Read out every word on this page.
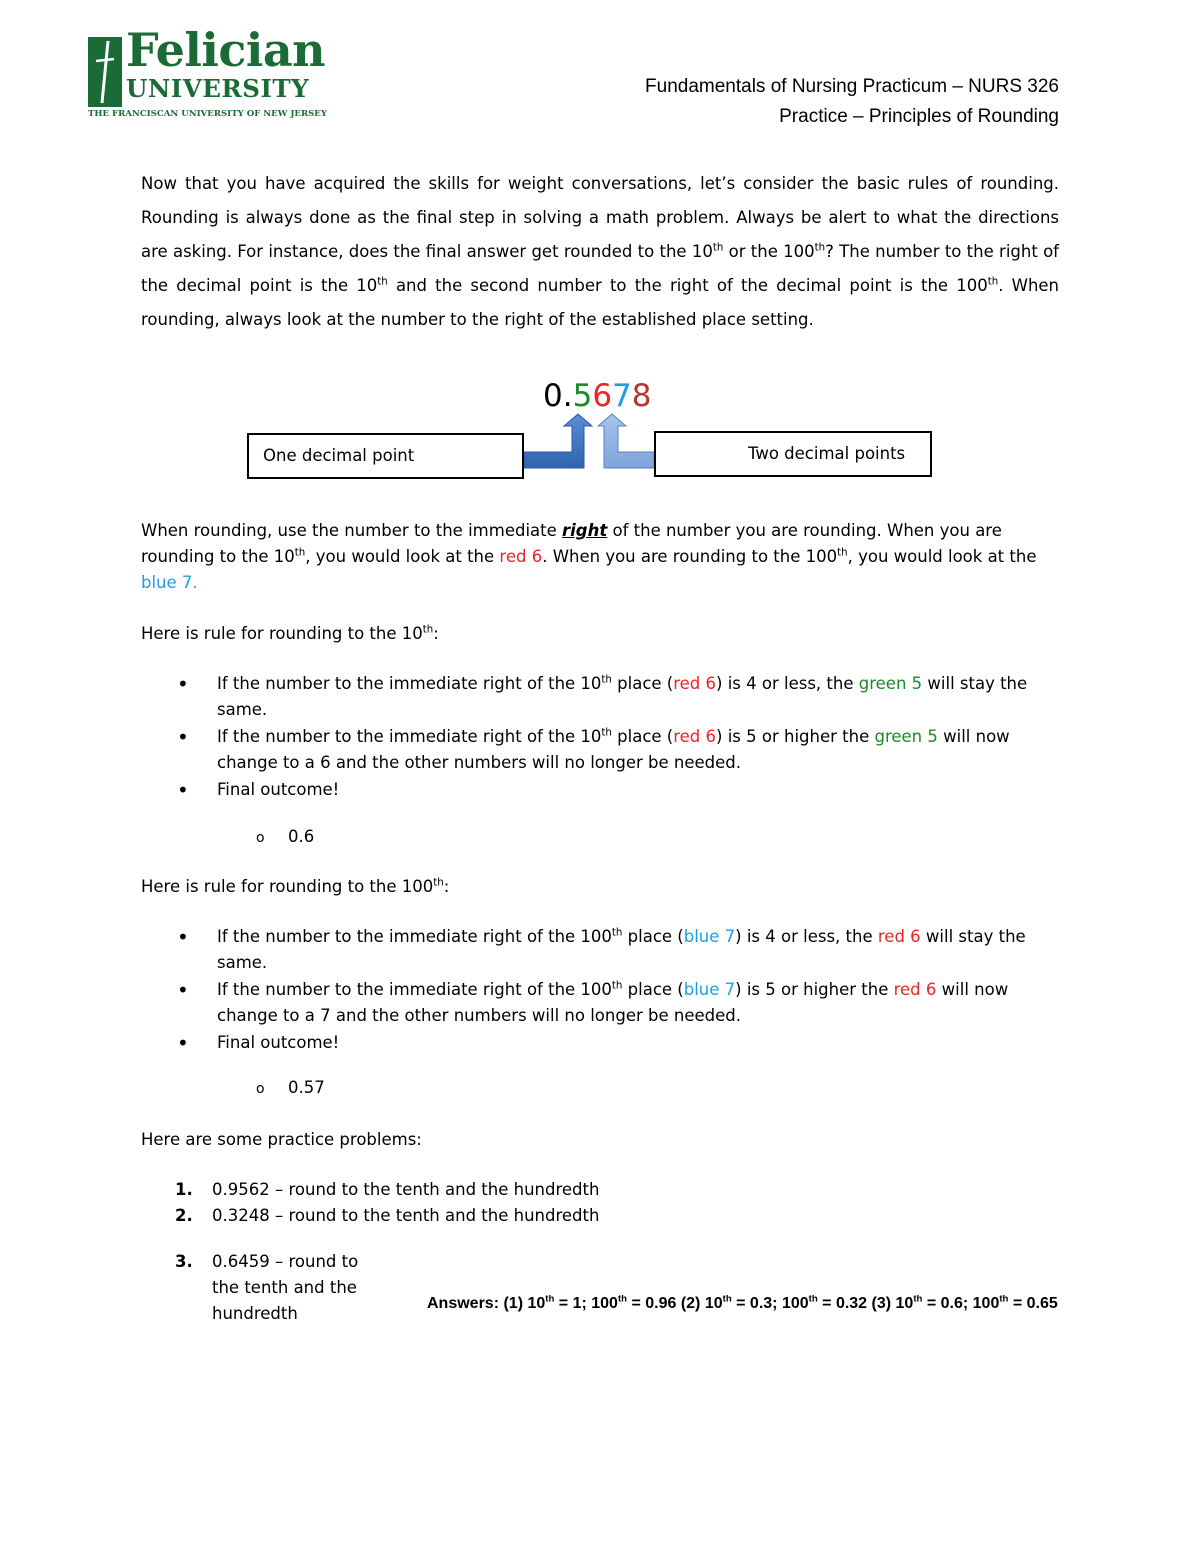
Felician
UNIVERSITY
THE FRANCISCAN UNIVERSITY OF NEW JERSEY
Fundamentals of Nursing Practicum – NURS 326
Practice – Principles of Rounding
Now that you have acquired the skills for weight conversations, let’s consider the basic rules of rounding. Rounding is always done as the final step in solving a math problem. Always be alert to what the directions are asking. For instance, does the final answer get rounded to the 10th or the 100th? The number to the right of the decimal point is the 10th and the second number to the right of the decimal point is the 100th. When rounding, always look at the number to the right of the established place setting.
0.5678
One decimal point	Two decimal points
When rounding, use the number to the immediate right of the number you are rounding. When you are rounding to the 10th, you would look at the red 6. When you are rounding to the 100th, you would look at the blue 7.
Here is rule for rounding to the 10th:
• If the number to the immediate right of the 10th place (red 6) is 4 or less, the green 5 will stay the same.
• If the number to the immediate right of the 10th place (red 6) is 5 or higher the green 5 will now change to a 6 and the other numbers will no longer be needed.
• Final outcome!
o 0.6
Here is rule for rounding to the 100th:
• If the number to the immediate right of the 100th place (blue 7) is 4 or less, the red 6 will stay the same.
• If the number to the immediate right of the 100th place (blue 7) is 5 or higher the red 6 will now change to a 7 and the other numbers will no longer be needed.
• Final outcome!
o 0.57
Here are some practice problems:
1. 0.9562 – round to the tenth and the hundredth
2. 0.3248 – round to the tenth and the hundredth
3. 0.6459 – round to the tenth and the hundredth
Answers: (1) 10th = 1; 100th = 0.96 (2) 10th = 0.3; 100th = 0.32 (3) 10th = 0.6; 100th = 0.65
